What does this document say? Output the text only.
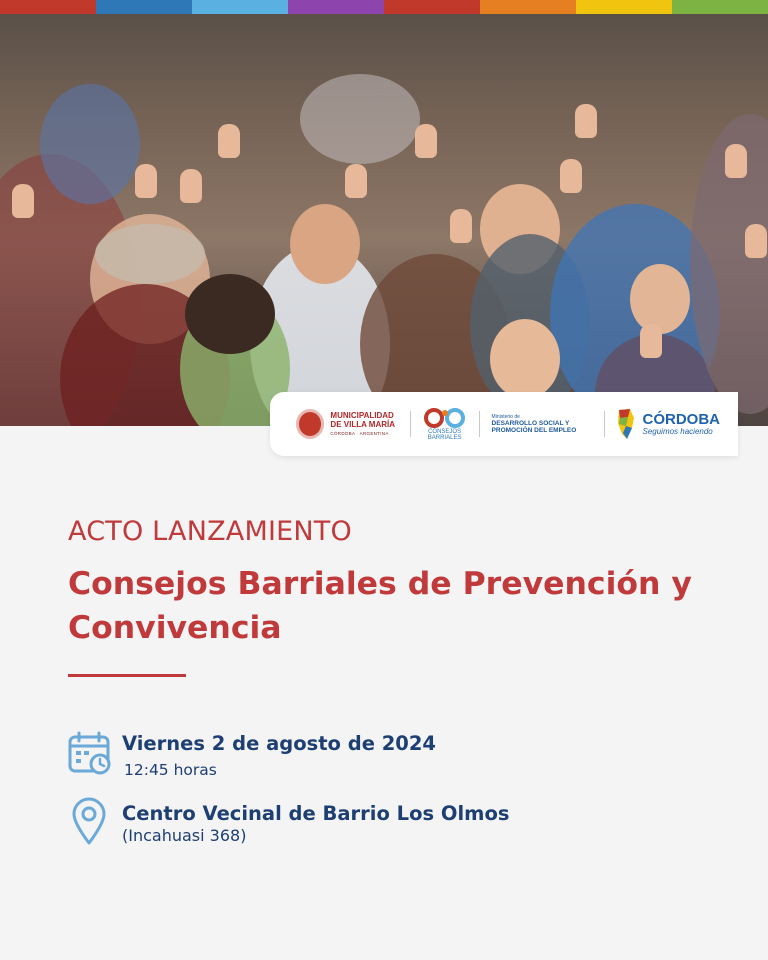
MUNICIPALIDAD DE VILLA MARÍA
CÓRDOBA · ARGENTINA	CONSEJOS BARRIALES
Ministerio de
DESARROLLO SOCIAL Y PROMOCIÓN DEL EMPLEO
CÓRDOBA
Seguimos haciendo
ACTO LANZAMIENTO
Consejos Barriales de Prevención y Convivencia
Viernes 2 de agosto de 2024
12:45 horas
Centro Vecinal de Barrio Los Olmos
(Incahuasi 368)
